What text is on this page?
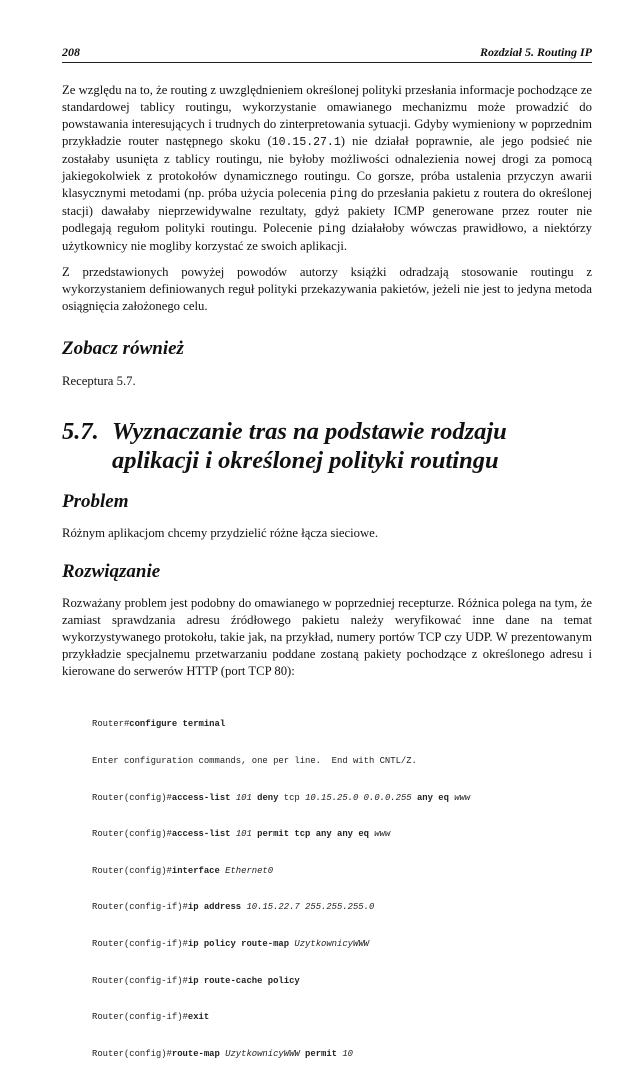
208	Rozdział 5. Routing IP

Ze względu na to, że routing z uwzględnieniem określonej polityki przesłania informacje pochodzące ze standardowej tablicy routingu, wykorzystanie omawianego mechanizmu może prowadzić do powstawania interesujących i trudnych do zinterpretowania sytuacji. Gdyby wymieniony w poprzednim przykładzie router następnego skoku (10.15.27.1) nie działał poprawnie, ale jego podsieć nie zostałaby usunięta z tablicy routingu, nie byłoby możliwości odnalezienia nowej drogi za pomocą jakiegokolwiek z protokołów dynamicznego routingu. Co gorsze, próba ustalenia przyczyn awarii klasycznymi metodami (np. próba użycia polecenia ping do przesłania pakietu z routera do określonej stacji) dawałaby nieprzewidywalne rezultaty, gdyż pakiety ICMP generowane przez router nie podlegają regułom polityki routingu. Polecenie ping działałoby wówczas prawidłowo, a niektórzy użytkownicy nie mogliby korzystać ze swoich aplikacji.

Z przedstawionych powyżej powodów autorzy książki odradzają stosowanie routingu z wykorzystaniem definiowanych reguł polityki przekazywania pakietów, jeżeli nie jest to jedyna metoda osiągnięcia założonego celu.

Zobacz również

Receptura 5.7.

5.7. Wyznaczanie tras na podstawie rodzaju
aplikacji i określonej polityki routingu
Problem

Różnym aplikacjom chcemy przydzielić różne łącza sieciowe.

Rozwiązanie

Rozważany problem jest podobny do omawianego w poprzedniej recepturze. Różnica polega na tym, że zamiast sprawdzania adresu źródłowego pakietu należy weryfikować inne dane na temat wykorzystywanego protokołu, takie jak, na przykład, numery portów TCP czy UDP. W prezentowanym przykładzie specjalnemu przetwarzaniu poddane zostaną pakiety pochodzące z określonego adresu i kierowane do serwerów HTTP (port TCP 80):

Router#configure terminal

Enter configuration commands, one per line.  End with CNTL/Z.

Router(config)#access-list 101 deny tcp 10.15.25.0 0.0.0.255 any eq www

Router(config)#access-list 101 permit tcp any any eq www

Router(config)#interface Ethernet0

Router(config-if)#ip address 10.15.22.7 255.255.255.0

Router(config-if)#ip policy route-map UzytkownicyWWW

Router(config-if)#ip route-cache policy

Router(config-if)#exit

Router(config)#route-map UzytkownicyWWW permit 10
